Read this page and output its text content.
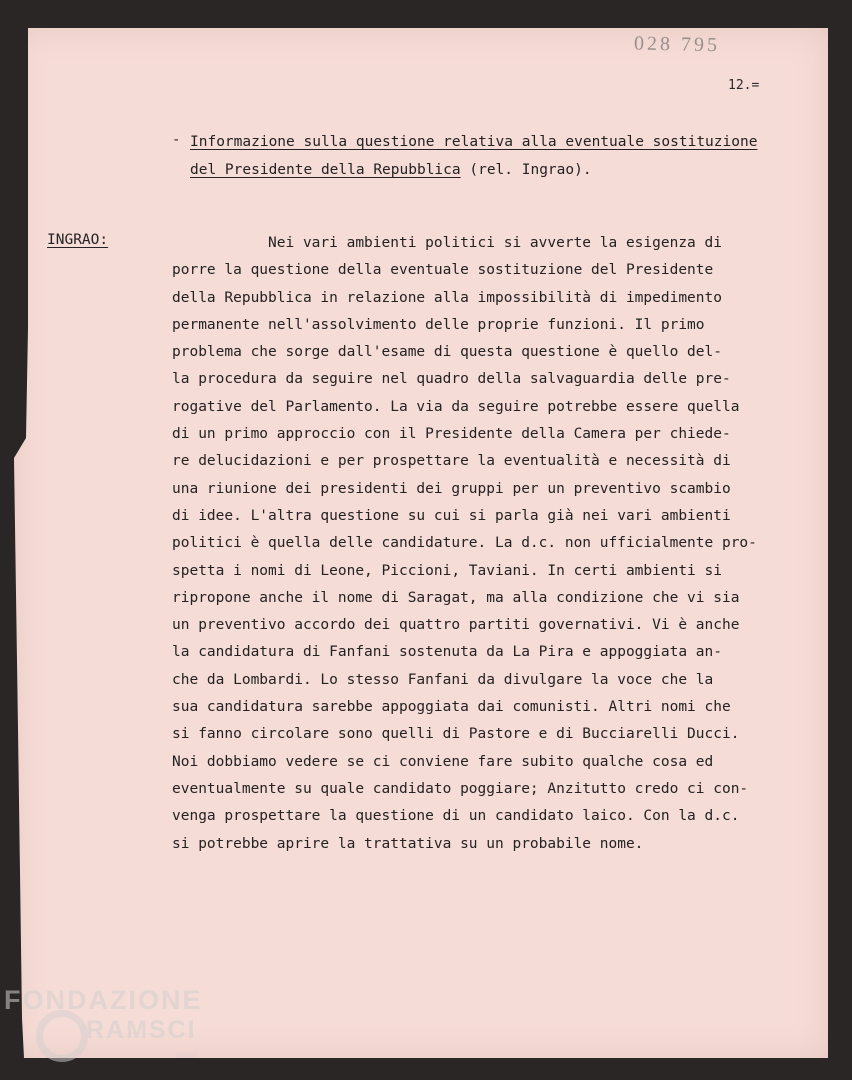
028 795
12.=
- Informazione sulla questione relativa alla eventuale sostituzione
del Presidente della Repubblica (rel. Ingrao).
INGRAO:	Nei vari ambienti politici si avverte la esigenza di
porre la questione della eventuale sostituzione del Presidente
della Repubblica in relazione alla impossibilità di impedimento
permanente nell'assolvimento delle proprie funzioni. Il primo
problema che sorge dall'esame di questa questione è quello del-
la procedura da seguire nel quadro della salvaguardia delle pre-
rogative del Parlamento. La via da seguire potrebbe essere quella
di un primo approccio con il Presidente della Camera per chiede-
re delucidazioni e per prospettare la eventualità e necessità di
una riunione dei presidenti dei gruppi per un preventivo scambio
di idee. L'altra questione su cui si parla già nei vari ambienti
politici è quella delle candidature. La d.c. non ufficialmente pro-
spetta i nomi di Leone, Piccioni, Taviani. In certi ambienti si
ripropone anche il nome di Saragat, ma alla condizione che vi sia
un preventivo accordo dei quattro partiti governativi. Vi è anche
la candidatura di Fanfani sostenuta da La Pira e appoggiata an-
che da Lombardi. Lo stesso Fanfani da divulgare la voce che la
sua candidatura sarebbe appoggiata dai comunisti. Altri nomi che
si fanno circolare sono quelli di Pastore e di Bucciarelli Ducci.
Noi dobbiamo vedere se ci conviene fare subito qualche cosa ed
eventualmente su quale candidato poggiare; Anzitutto credo ci con-
venga prospettare la questione di un candidato laico. Con la d.c.
si potrebbe aprire la trattativa su un probabile nome.
FONDAZIONE
RAMSCI
onlus
